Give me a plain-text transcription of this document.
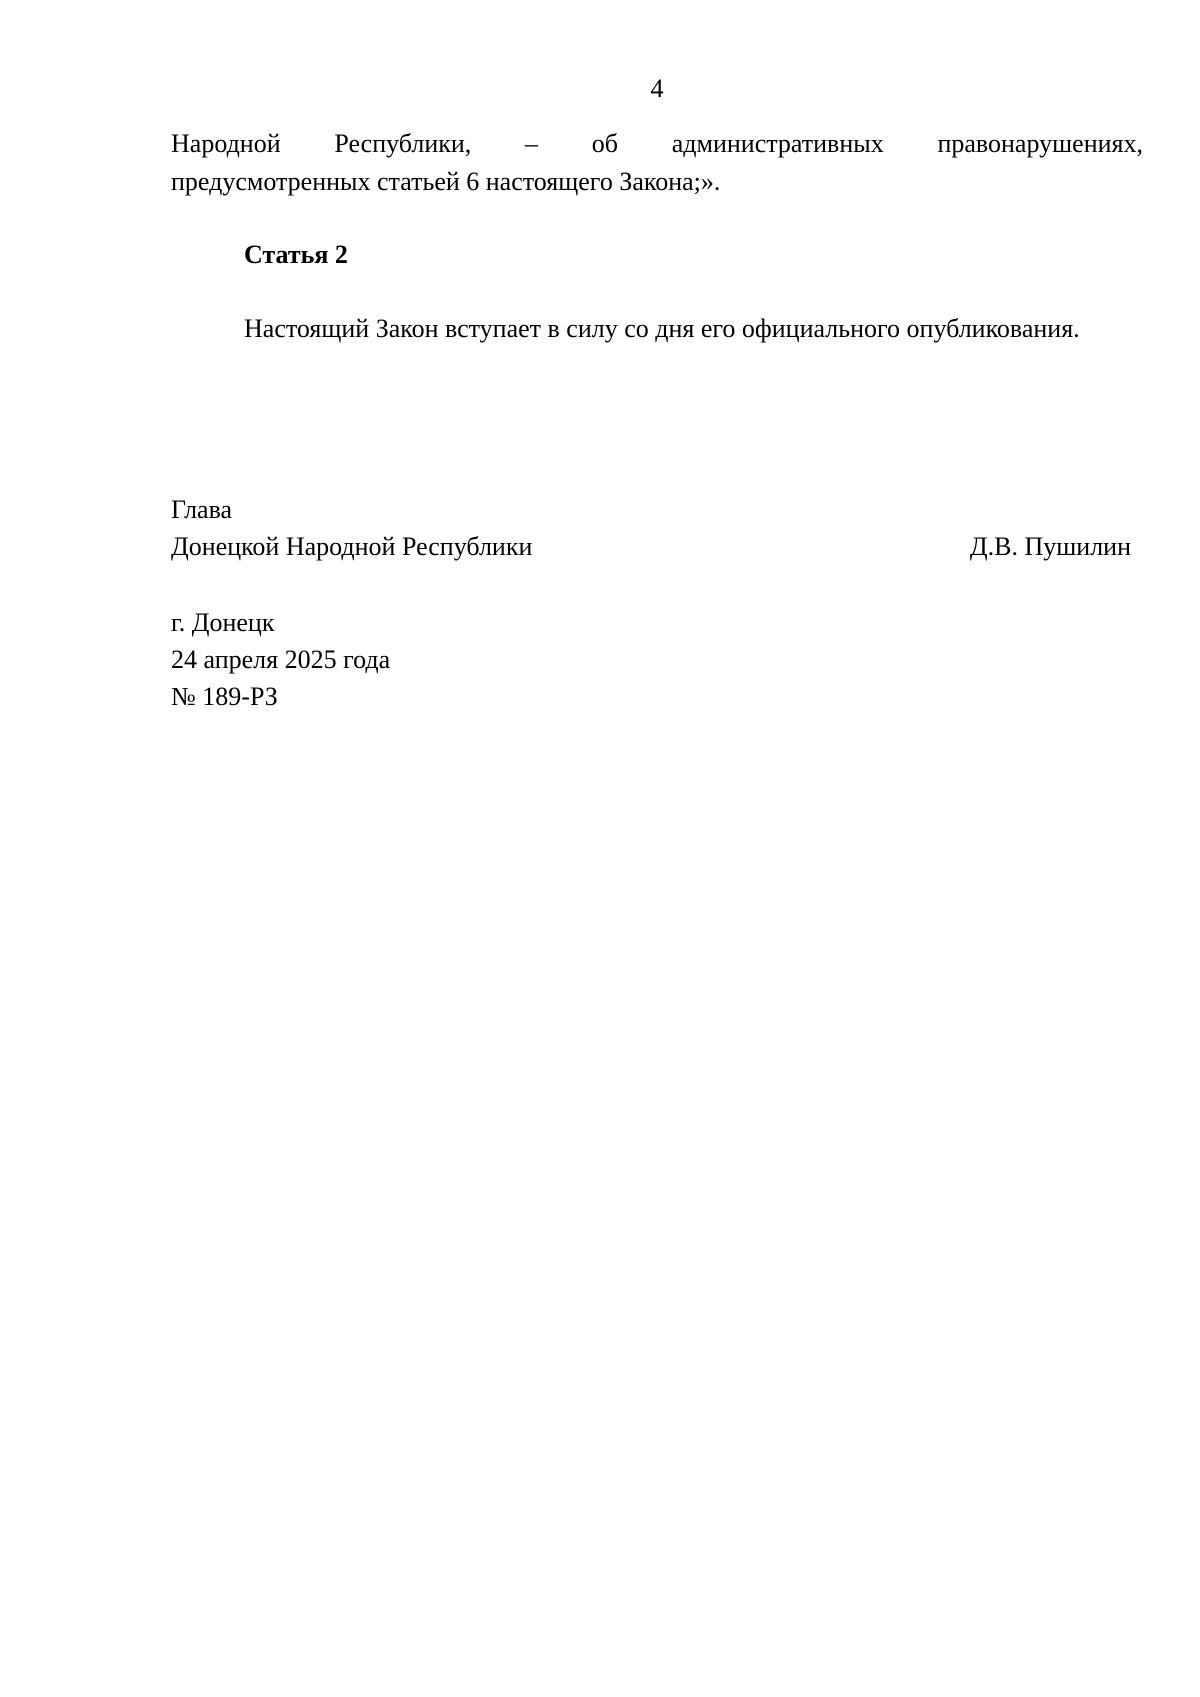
4
Народной Республики, – об административных правонарушениях,
предусмотренных статьей 6 настоящего Закона;».
Статья 2
Настоящий Закон вступает в силу со дня его официального опубликования.
Глава
Донецкой Народной Республики	Д.В. Пушилин
г. Донецк
24 апреля 2025 года
№ 189-РЗ
